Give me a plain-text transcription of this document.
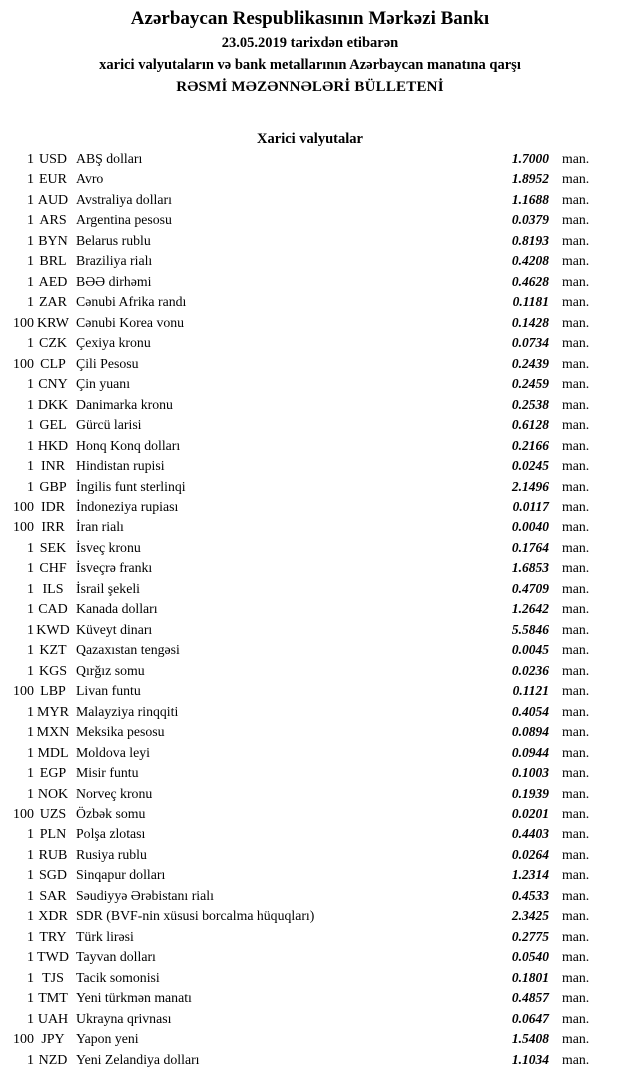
Azərbaycan Respublikasının Mərkəzi Bankı
23.05.2019 tarixdən etibarən
xarici valyutaların və bank metallarının Azərbaycan manatına qarşı
RƏSMİ MƏZƏNNƏLƏRİ BÜLLETENİ
Xarici valyutalar
1 USD ABŞ dolları	1.7000 man.
1 EUR Avro	1.8952 man.
1 AUD Avstraliya dolları	1.1688 man.
1 ARS Argentina pesosu	0.0379 man.
1 BYN Belarus rublu	0.8193 man.
1 BRL Braziliya rialı	0.4208 man.
1 AED BƏƏ dirhəmi	0.4628 man.
1 ZAR Cənubi Afrika randı	0.1181 man.
100 KRW Cənubi Korea vonu	0.1428 man.
1 CZK Çexiya kronu	0.0734 man.
100 CLP Çili Pesosu	0.2439 man.
1 CNY Çin yuanı	0.2459 man.
1 DKK Danimarka kronu	0.2538 man.
1 GEL Gürcü larisi	0.6128 man.
1 HKD Honq Konq dolları	0.2166 man.
1 INR Hindistan rupisi	0.0245 man.
1 GBP İngilis funt sterlinqi	2.1496 man.
100 IDR İndoneziya rupiası	0.0117 man.
100 IRR İran rialı	0.0040 man.
1 SEK İsveç kronu	0.1764 man.
1 CHF İsveçrə frankı	1.6853 man.
1 ILS İsrail şekeli	0.4709 man.
1 CAD Kanada dolları	1.2642 man.
1 KWD Küveyt dinarı	5.5846 man.
1 KZT Qazaxıstan tengəsi	0.0045 man.
1 KGS Qırğız somu	0.0236 man.
100 LBP Livan funtu	0.1121 man.
1 MYR Malayziya rinqqiti	0.4054 man.
1 MXN Meksika pesosu	0.0894 man.
1 MDL Moldova leyi	0.0944 man.
1 EGP Misir funtu	0.1003 man.
1 NOK Norveç kronu	0.1939 man.
100 UZS Özbək somu	0.0201 man.
1 PLN Polşa zlotası	0.4403 man.
1 RUB Rusiya rublu	0.0264 man.
1 SGD Sinqapur dolları	1.2314 man.
1 SAR Səudiyyə Ərəbistanı rialı	0.4533 man.
1 XDR SDR (BVF-nin xüsusi borcalma hüquqları)	2.3425 man.
1 TRY Türk lirəsi	0.2775 man.
1 TWD Tayvan dolları	0.0540 man.
1 TJS Tacik somonisi	0.1801 man.
1 TMT Yeni türkmən manatı	0.4857 man.
1 UAH Ukrayna qrivnası	0.0647 man.
100 JPY Yapon yeni	1.5408 man.
1 NZD Yeni Zelandiya dolları	1.1034 man.
